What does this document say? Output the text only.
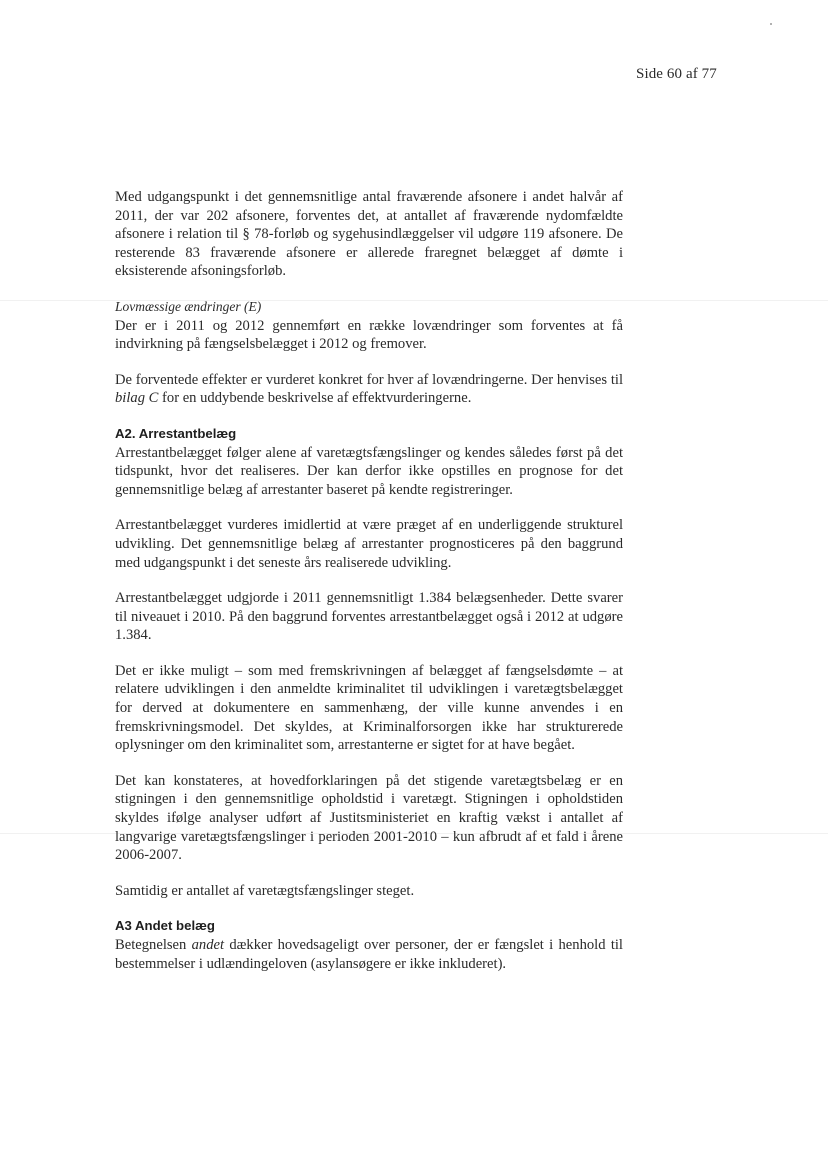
Side 60 af 77

Med udgangspunkt i det gennemsnitlige antal fraværende afsonere i andet halvår af 2011, der var 202 afsonere, forventes det, at antallet af fraværende nydomfældte afsonere i relation til § 78-forløb og sygehusindlæggelser vil udgøre 119 afsonere. De resterende 83 fraværende afsonere er allerede fraregnet belægget af dømte i eksisterende afsoningsforløb.

Lovmæssige ændringer (E)

Der er i 2011 og 2012 gennemført en række lovændringer som forventes at få indvirkning på fængselsbelægget i 2012 og fremover.

De forventede effekter er vurderet konkret for hver af lovændringerne. Der henvises til bilag C for en uddybende beskrivelse af effektvurderingerne.

A2. Arrestantbelæg

Arrestantbelægget følger alene af varetægtsfængslinger og kendes således først på det tidspunkt, hvor det realiseres. Der kan derfor ikke opstilles en prognose for det gennemsnitlige belæg af arrestanter baseret på kendte registreringer.

Arrestantbelægget vurderes imidlertid at være præget af en underliggende strukturel udvikling. Det gennemsnitlige belæg af arrestanter prognosticeres på den baggrund med udgangspunkt i det seneste års realiserede udvikling.

Arrestantbelægget udgjorde i 2011 gennemsnitligt 1.384 belægsenheder. Dette svarer til niveauet i 2010. På den baggrund forventes arrestantbelægget også i 2012 at udgøre 1.384.

Det er ikke muligt – som med fremskrivningen af belægget af fængselsdømte – at relatere udviklingen i den anmeldte kriminalitet til udviklingen i varetægtsbelægget for derved at dokumentere en sammenhæng, der ville kunne anvendes i en fremskrivningsmodel. Det skyldes, at Kriminalforsorgen ikke har strukturerede oplysninger om den kriminalitet som, arrestanterne er sigtet for at have begået.

Det kan konstateres, at hovedforklaringen på det stigende varetægtsbelæg er en stigningen i den gennemsnitlige opholdstid i varetægt. Stigningen i opholdstiden skyldes ifølge analyser udført af Justitsministeriet en kraftig vækst i antallet af langvarige varetægtsfængslinger i perioden 2001-2010 – kun afbrudt af et fald i årene 2006-2007.

Samtidig er antallet af varetægtsfængslinger steget.

A3 Andet belæg

Betegnelsen andet dækker hovedsageligt over personer, der er fængslet i henhold til bestemmelser i udlændingeloven (asylansøgere er ikke inkluderet).
